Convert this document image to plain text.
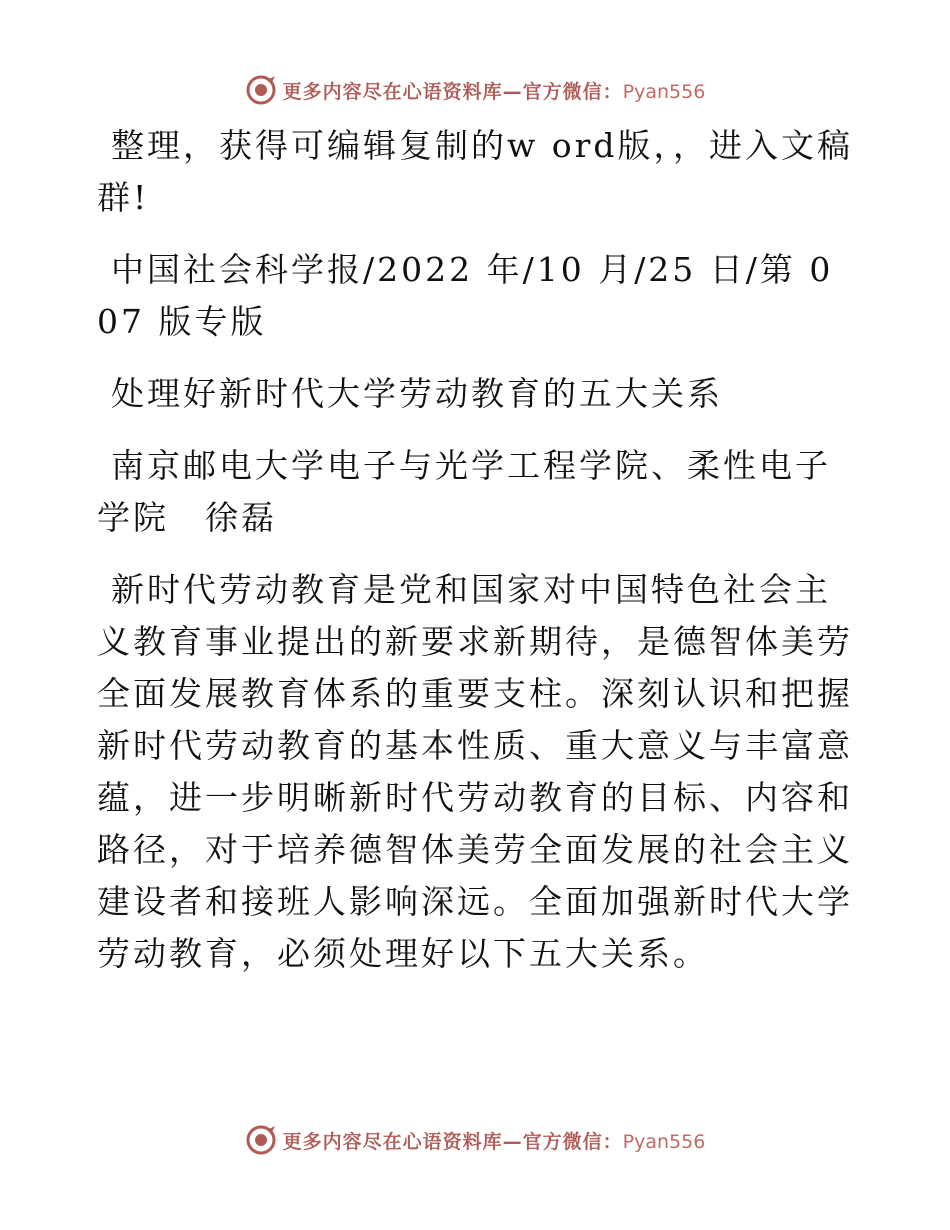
更多内容尽在心语资料库—官方微信：Pyan556

整理，获得可编辑复制的w ord版，，进入文稿群!

中国社会科学报/2022 年/10 月/25 日/第 007 版专版

处理好新时代大学劳动教育的五大关系

南京邮电大学电子与光学工程学院、柔性电子学院　徐磊

新时代劳动教育是党和国家对中国特色社会主义教育事业提出的新要求新期待，是德智体美劳全面发展教育体系的重要支柱。深刻认识和把握新时代劳动教育的基本性质、重大意义与丰富意蕴，进一步明晰新时代劳动教育的目标、内容和路径，对于培养德智体美劳全面发展的社会主义建设者和接班人影响深远。全面加强新时代大学劳动教育，必须处理好以下五大关系。

更多内容尽在心语资料库—官方微信：Pyan556
